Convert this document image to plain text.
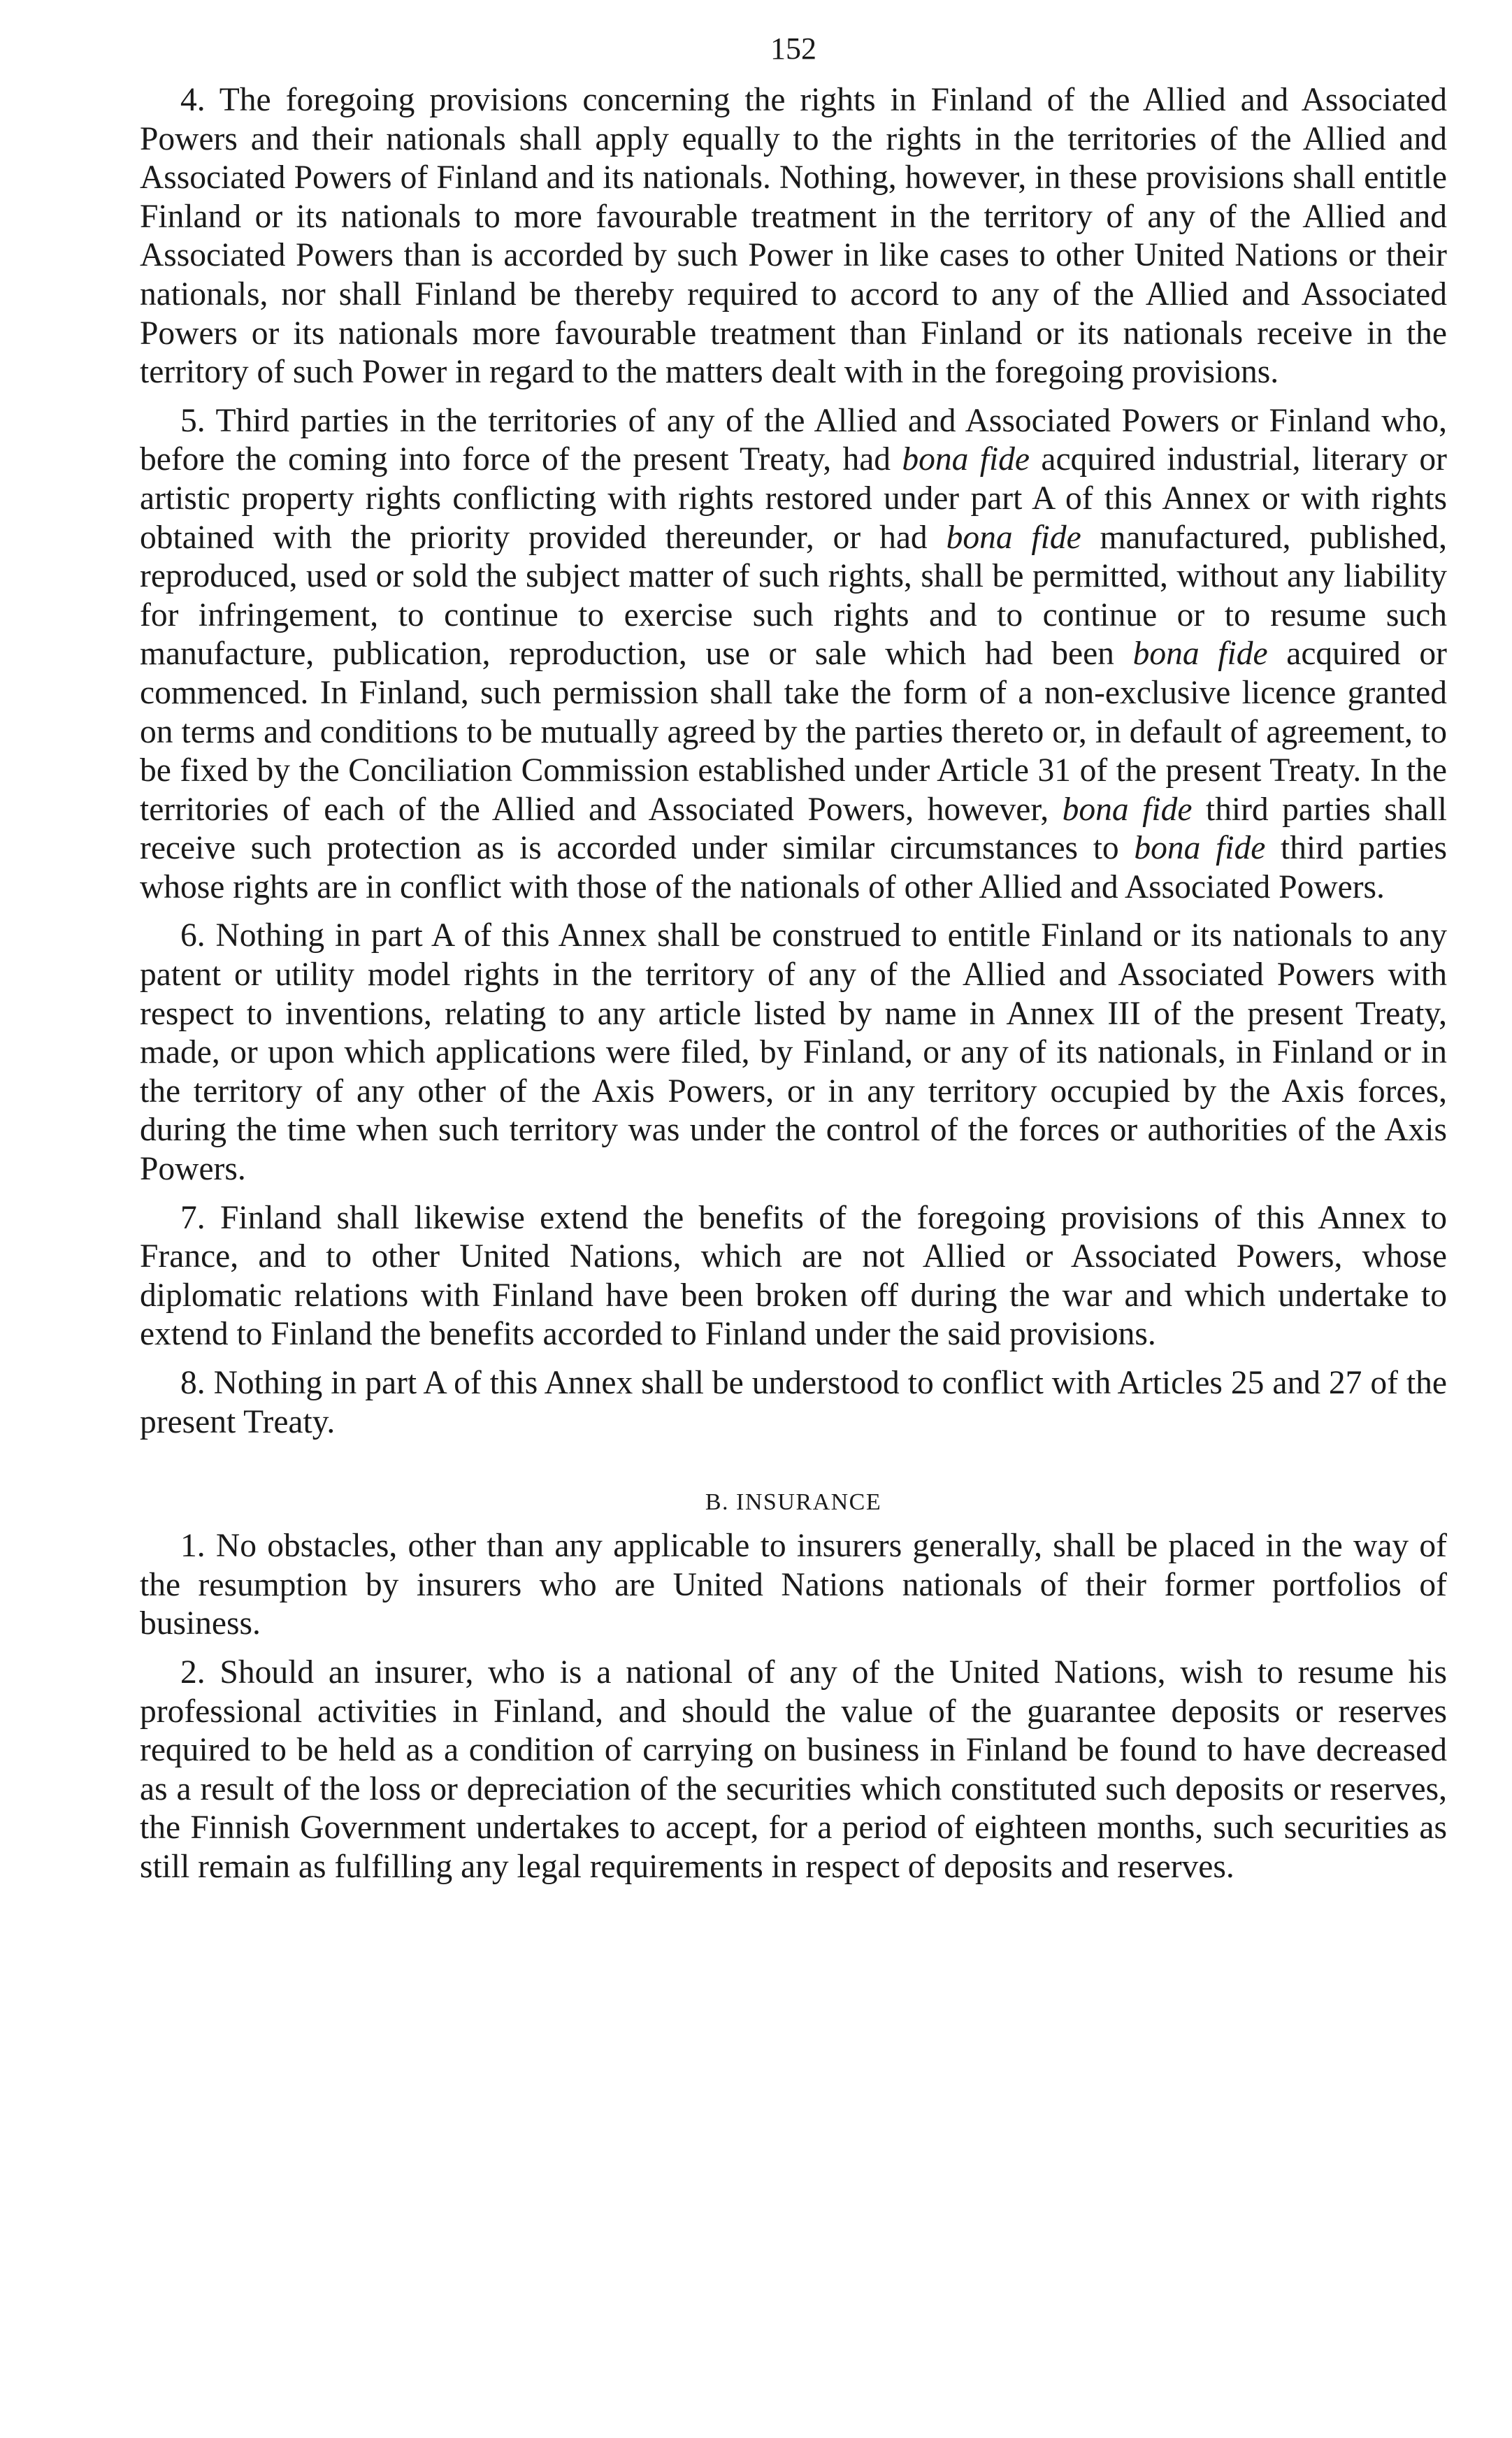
152

4. The foregoing provisions concerning the rights in Finland of the Allied and Associated Powers and their nationals shall apply equally to the rights in the territories of the Allied and Associated Powers of Finland and its nationals. Nothing, however, in these provisions shall entitle Finland or its nationals to more favourable treatment in the territory of any of the Allied and Associated Powers than is accorded by such Power in like cases to other United Nations or their nationals, nor shall Finland be thereby required to accord to any of the Allied and Associated Powers or its nationals more favourable treatment than Finland or its nationals receive in the territory of such Power in regard to the matters dealt with in the foregoing provisions.

5. Third parties in the territories of any of the Allied and Associated Powers or Finland who, before the coming into force of the present Treaty, had bona fide acquired industrial, literary or artistic property rights conflicting with rights restored under part A of this Annex or with rights obtained with the priority provided thereunder, or had bona fide manufactured, published, reproduced, used or sold the subject matter of such rights, shall be permitted, without any liability for infringement, to continue to exercise such rights and to continue or to resume such manufacture, publication, reproduction, use or sale which had been bona fide acquired or commenced. In Finland, such permission shall take the form of a non-exclusive licence granted on terms and conditions to be mutually agreed by the parties thereto or, in default of agreement, to be fixed by the Conciliation Commission established under Article 31 of the present Treaty. In the territories of each of the Allied and Associated Powers, however, bona fide third parties shall receive such protection as is accorded under similar circumstances to bona fide third parties whose rights are in conflict with those of the nationals of other Allied and Associated Powers.

6. Nothing in part A of this Annex shall be construed to entitle Finland or its nationals to any patent or utility model rights in the territory of any of the Allied and Associated Powers with respect to inventions, relating to any article listed by name in Annex III of the present Treaty, made, or upon which applications were filed, by Finland, or any of its nationals, in Finland or in the territory of any other of the Axis Powers, or in any territory occupied by the Axis forces, during the time when such territory was under the control of the forces or authorities of the Axis Powers.

7. Finland shall likewise extend the benefits of the foregoing provisions of this Annex to France, and to other United Nations, which are not Allied or Associated Powers, whose diplomatic relations with Finland have been broken off during the war and which undertake to extend to Finland the benefits accorded to Finland under the said provisions.

8. Nothing in part A of this Annex shall be understood to conflict with Articles 25 and 27 of the present Treaty.

B. INSURANCE

1. No obstacles, other than any applicable to insurers generally, shall be placed in the way of the resumption by insurers who are United Nations nationals of their former portfolios of business.

2. Should an insurer, who is a national of any of the United Nations, wish to resume his professional activities in Finland, and should the value of the guarantee deposits or reserves required to be held as a condition of carrying on business in Finland be found to have decreased as a result of the loss or depreciation of the securities which constituted such deposits or reserves, the Finnish Government undertakes to accept, for a period of eighteen months, such securities as still remain as fulfilling any legal requirements in respect of deposits and reserves.
